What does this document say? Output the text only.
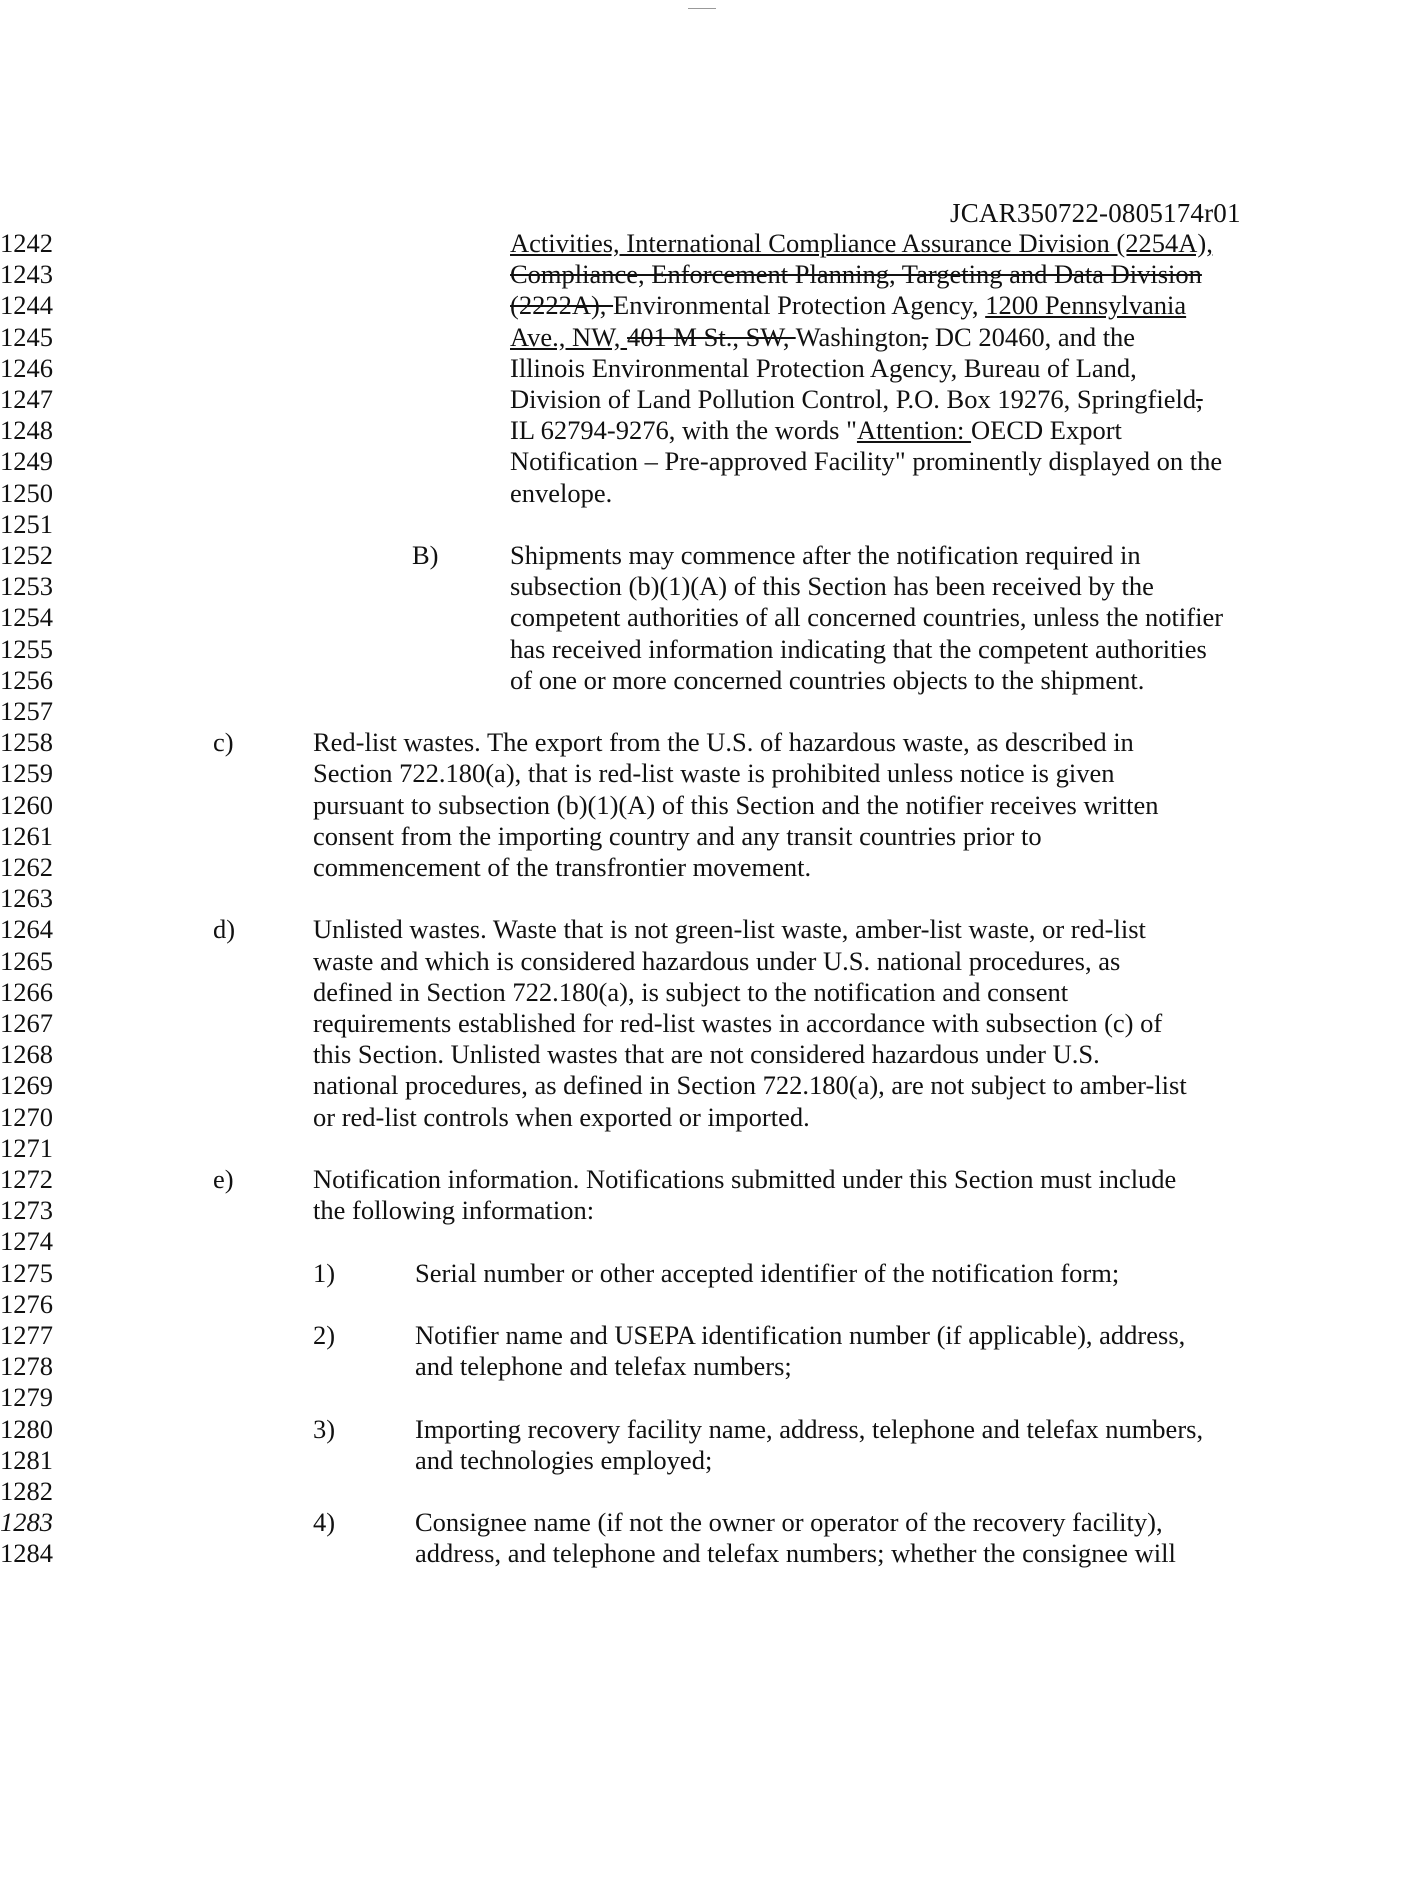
JCAR350722-0805174r01
1242	Activities, International Compliance Assurance Division (2254A),
1243	Compliance, Enforcement Planning, Targeting and Data Division
1244	(2222A), Environmental Protection Agency, 1200 Pennsylvania
1245	Ave., NW, 401 M St., SW, Washington, DC 20460, and the
1246	Illinois Environmental Protection Agency, Bureau of Land,
1247	Division of Land Pollution Control, P.O. Box 19276, Springfield,
1248	IL 62794-9276, with the words "Attention: OECD Export
1249	Notification – Pre-approved Facility" prominently displayed on the
1250	envelope.
1251
1252	B)	Shipments may commence after the notification required in
1253	subsection (b)(1)(A) of this Section has been received by the
1254	competent authorities of all concerned countries, unless the notifier
1255	has received information indicating that the competent authorities
1256	of one or more concerned countries objects to the shipment.
1257
1258	c)	Red-list wastes. The export from the U.S. of hazardous waste, as described in
1259	Section 722.180(a), that is red-list waste is prohibited unless notice is given
1260	pursuant to subsection (b)(1)(A) of this Section and the notifier receives written
1261	consent from the importing country and any transit countries prior to
1262	commencement of the transfrontier movement.
1263
1264	d)	Unlisted wastes. Waste that is not green-list waste, amber-list waste, or red-list
1265	waste and which is considered hazardous under U.S. national procedures, as
1266	defined in Section 722.180(a), is subject to the notification and consent
1267	requirements established for red-list wastes in accordance with subsection (c) of
1268	this Section. Unlisted wastes that are not considered hazardous under U.S.
1269	national procedures, as defined in Section 722.180(a), are not subject to amber-list
1270	or red-list controls when exported or imported.
1271
1272	e)	Notification information. Notifications submitted under this Section must include
1273	the following information:
1274
1275	1)	Serial number or other accepted identifier of the notification form;
1276
1277	2)	Notifier name and USEPA identification number (if applicable), address,
1278	and telephone and telefax numbers;
1279
1280	3)	Importing recovery facility name, address, telephone and telefax numbers,
1281	and technologies employed;
1282
1283	4)	Consignee name (if not the owner or operator of the recovery facility),
1284	address, and telephone and telefax numbers; whether the consignee will
